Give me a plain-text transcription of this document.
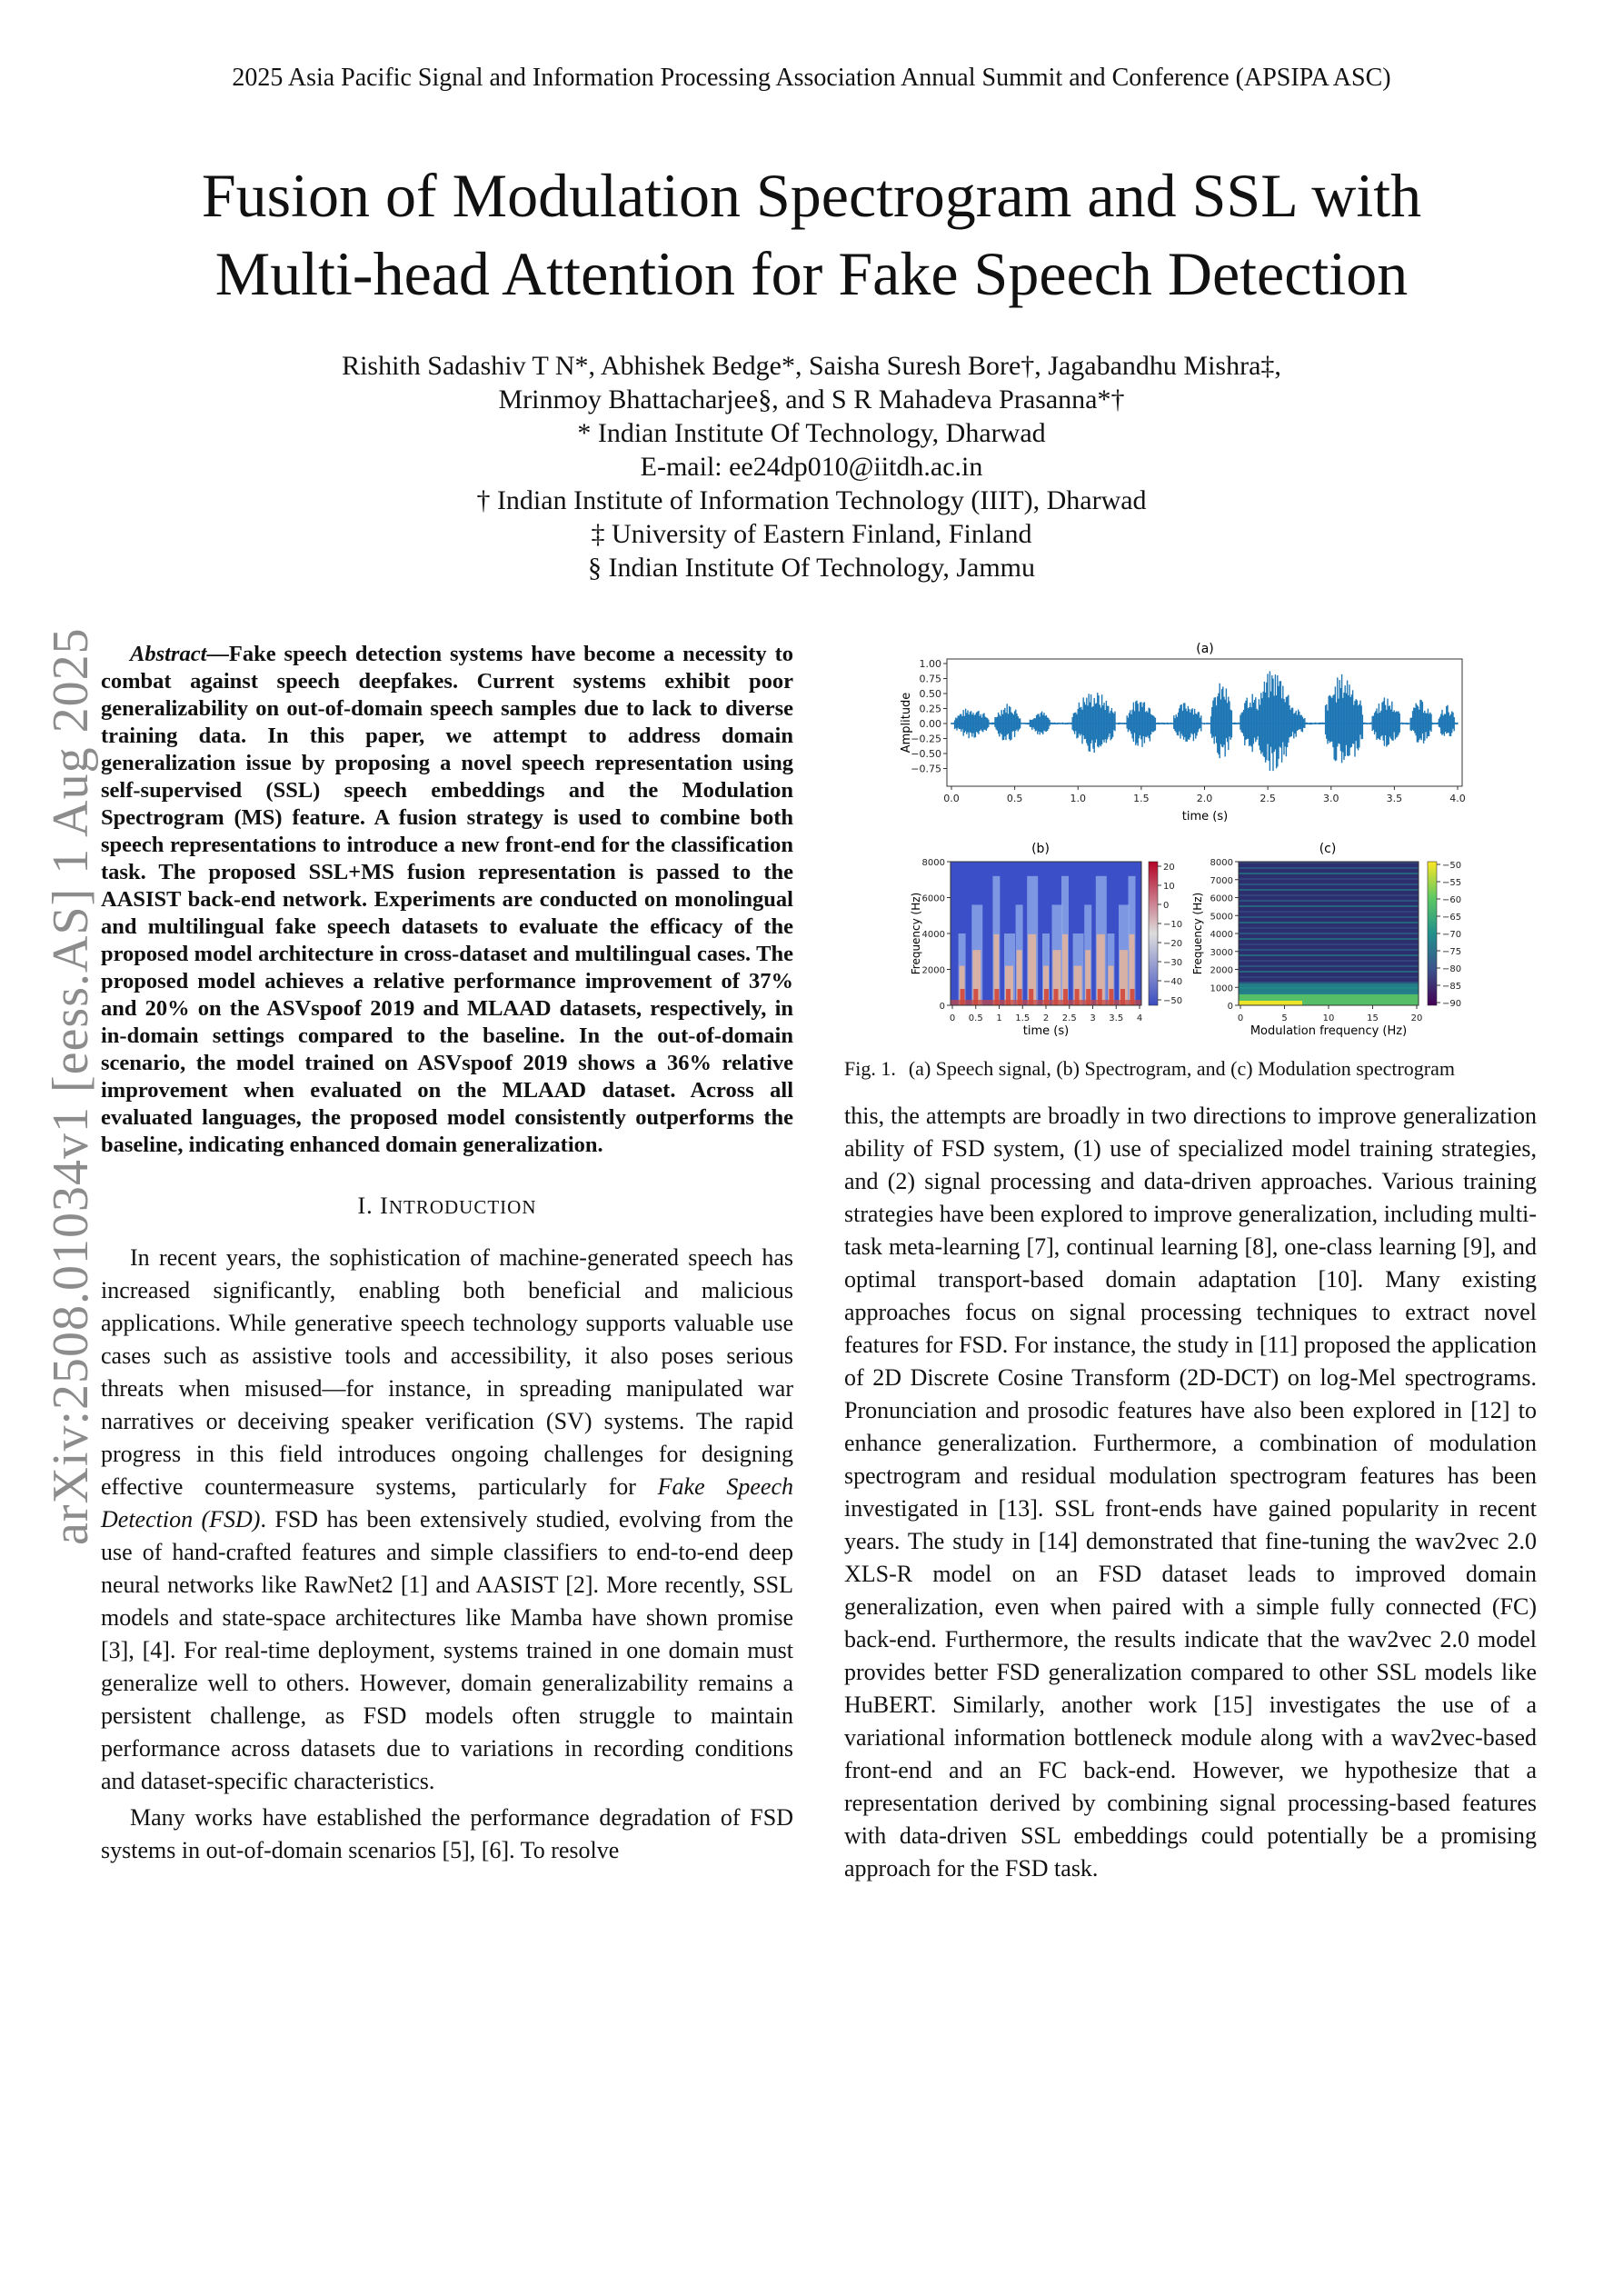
2025 Asia Pacific Signal and Information Processing Association Annual Summit and Conference (APSIPA ASC)
Fusion of Modulation Spectrogram and SSL with
Multi-head Attention for Fake Speech Detection
Rishith Sadashiv T N*, Abhishek Bedge*, Saisha Suresh Bore†, Jagabandhu Mishra‡,
Mrinmoy Bhattacharjee§, and S R Mahadeva Prasanna*†
* Indian Institute Of Technology, Dharwad
E-mail: ee24dp010@iitdh.ac.in
† Indian Institute of Information Technology (IIIT), Dharwad
‡ University of Eastern Finland, Finland
§ Indian Institute Of Technology, Jammu
arXiv:2508.01034v1 [eess.AS] 1 Aug 2025	Abstract—Fake speech detection systems have become a necessity to combat against speech deepfakes. Current systems exhibit poor generalizability on out-of-domain speech samples due to lack to diverse training data. In this paper, we attempt to address domain generalization issue by proposing a novel speech representation using self-supervised (SSL) speech embeddings and the Modulation Spectrogram (MS) feature. A fusion strategy is used to combine both speech representations to introduce a new front-end for the classification task. The proposed SSL+MS fusion representation is passed to the AASIST back-end network. Experiments are conducted on monolingual and multilingual fake speech datasets to evaluate the efficacy of the proposed model architecture in cross-dataset and multilingual cases. The proposed model achieves a relative performance improvement of 37% and 20% on the ASVspoof 2019 and MLAAD datasets, respectively, in in-domain settings compared to the baseline. In the out-of-domain scenario, the model trained on ASVspoof 2019 shows a 36% relative improvement when evaluated on the MLAAD dataset. Across all evaluated languages, the proposed model consistently outperforms the baseline, indicating enhanced domain generalization.

I. INTRODUCTION

In recent years, the sophistication of machine-generated speech has increased significantly, enabling both beneficial and malicious applications. While generative speech technology supports valuable use cases such as assistive tools and accessibility, it also poses serious threats when misused—for instance, in spreading manipulated war narratives or deceiving speaker verification (SV) systems. The rapid progress in this field introduces ongoing challenges for designing effective countermeasure systems, particularly for Fake Speech Detection (FSD). FSD has been extensively studied, evolving from the use of hand-crafted features and simple classifiers to end-to-end deep neural networks like RawNet2 [1] and AASIST [2]. More recently, SSL models and state-space architectures like Mamba have shown promise [3], [4]. For real-time deployment, systems trained in one domain must generalize well to others. However, domain generalizability remains a persistent challenge, as FSD models often struggle to maintain performance across datasets due to variations in recording conditions and dataset-specific characteristics.

Many works have established the performance degradation of FSD systems in out-of-domain scenarios [5], [6]. To resolve

(a)
1.00
0.75
0.50
0.25
0.00
−0.25
−0.50
−0.75
0.0	0.5	1.0	1.5	2.0	2.5	3.0	3.5	4.0
Amplitude
time (s)
(b)
8000
6000
4000
2000
0
0 0.5 1 1.5 2 2.5 3 3.5 4
Frequency (Hz)
time (s)
20
10
0
−10
−20
−30
−40
−50
(c)
8000
7000
6000
5000
4000
3000
2000
1000
0
0	5	10	15	20
Frequency (Hz)
Modulation frequency (Hz)
−50
−55
−60
−65
−70
−75
−80
−85
−90
Fig. 1. (a) Speech signal, (b) Spectrogram, and (c) Modulation spectrogram

this, the attempts are broadly in two directions to improve generalization ability of FSD system, (1) use of specialized model training strategies, and (2) signal processing and data-driven approaches. Various training strategies have been explored to improve generalization, including multi-task meta-learning [7], continual learning [8], one-class learning [9], and optimal transport-based domain adaptation [10]. Many existing approaches focus on signal processing techniques to extract novel features for FSD. For instance, the study in [11] proposed the application of 2D Discrete Cosine Transform (2D-DCT) on log-Mel spectrograms. Pronunciation and prosodic features have also been explored in [12] to enhance generalization. Furthermore, a combination of modulation spectrogram and residual modulation spectrogram features has been investigated in [13]. SSL front-ends have gained popularity in recent years. The study in [14] demonstrated that fine-tuning the wav2vec 2.0 XLS-R model on an FSD dataset leads to improved domain generalization, even when paired with a simple fully connected (FC) back-end. Furthermore, the results indicate that the wav2vec 2.0 model provides better FSD generalization compared to other SSL models like HuBERT. Similarly, another work [15] investigates the use of a variational information bottleneck module along with a wav2vec-based front-end and an FC back-end. However, we hypothesize that a representation derived by combining signal processing-based features with data-driven SSL embeddings could potentially be a promising approach for the FSD task.
